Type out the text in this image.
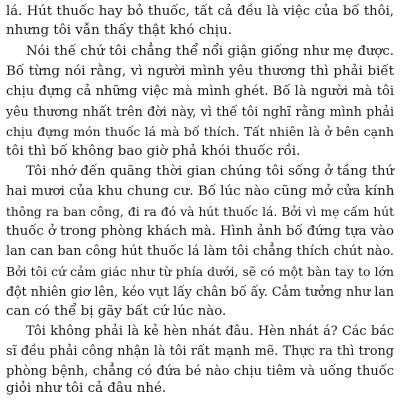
lá. Hút thuốc hay bỏ thuốc, tất cả đều là việc của bố thôi,
nhưng tôi vẫn thấy thật khó chịu.
Nói thế chứ tôi chẳng thể nổi giận giống như mẹ được.
Bố từng nói rằng, vì người mình yêu thương thì phải biết
chịu đựng cả những việc mà mình ghét. Bố là người mà tôi
yêu thương nhất trên đời này, vì thế tôi nghĩ rằng mình phải
chịu đựng món thuốc lá mà bố thích. Tất nhiên là ở bên cạnh
tôi thì bố không bao giờ phả khói thuốc rồi.
Tôi nhớ đến quãng thời gian chúng tôi sống ở tầng thứ
hai mươi của khu chung cư. Bố lúc nào cũng mở cửa kính
thông ra ban công, đi ra đó và hút thuốc lá. Bởi vì mẹ cấm hút
thuốc ở trong phòng khách mà. Hình ảnh bố đứng tựa vào
lan can ban công hút thuốc lá làm tôi chẳng thích chút nào.
Bởi tôi cứ cảm giác như từ phía dưới, sẽ có một bàn tay to lớn
đột nhiên giơ lên, kéo vụt lấy chân bố ấy. Cảm tưởng như lan
can có thể bị gãy bất cứ lúc nào.
Tôi không phải là kẻ hèn nhát đâu. Hèn nhát á? Các bác
sĩ đều phải công nhận là tôi rất mạnh mẽ. Thực ra thì trong
phòng bệnh, chẳng có đứa bé nào chịu tiêm và uống thuốc
giỏi như tôi cả đâu nhé.
